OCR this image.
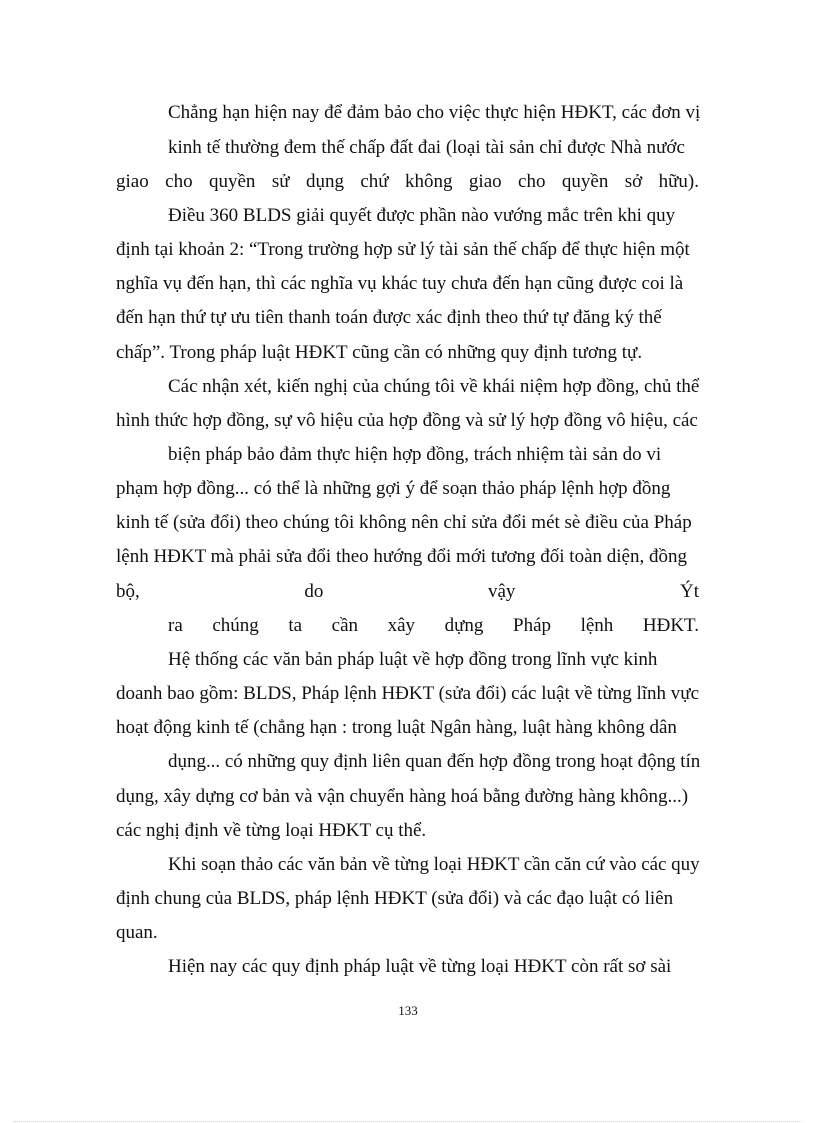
Chẳng hạn hiện nay để đảm bảo cho việc thực hiện HĐKT, các đơn vị
kinh tế thường đem thế chấp đất đai (loại tài sản chỉ được Nhà nước
giao cho quyền sử dụng chứ không giao cho quyền sở hữu).
Điều 360 BLDS giải quyết được phần nào vướng mắc trên khi quy
định tại khoản 2: “Trong trường hợp sử lý tài sản thế chấp để thực hiện một
nghĩa vụ đến hạn, thì các nghĩa vụ khác tuy chưa đến hạn cũng được coi là
đến hạn thứ tự ưu tiên thanh toán được xác định theo thứ tự đăng ký thế
chấp”. Trong pháp luật HĐKT cũng cần có những quy định tương tự.
Các nhận xét, kiến nghị của chúng tôi về khái niệm hợp đồng, chủ thể
hình thức hợp đồng, sự vô hiệu của hợp đồng và sử lý hợp đồng vô hiệu, các
biện pháp bảo đảm thực hiện hợp đồng, trách nhiệm tài sản do vi
phạm hợp đồng... có thể là những gợi ý để soạn thảo pháp lệnh hợp đồng
kinh tế (sửa đổi) theo chúng tôi không nên chỉ sửa đổi mét sè điều của Pháp
lệnh HĐKT mà phải sửa đổi theo hướng đổi mới tương đối toàn diện, đồng
bộ, do vậy Ýt
ra chúng ta cần xây dựng Pháp lệnh HĐKT.
Hệ thống các văn bản pháp luật về hợp đồng trong lĩnh vực kinh
doanh bao gồm: BLDS, Pháp lệnh HĐKT (sửa đổi) các luật về từng lĩnh vực
hoạt động kinh tế (chẳng hạn : trong luật Ngân hàng, luật hàng không dân
dụng... có những quy định liên quan đến hợp đồng trong hoạt động tín
dụng, xây dựng cơ bản và vận chuyển hàng hoá bằng đường hàng không...)
các nghị định về từng loại HĐKT cụ thể.
Khi soạn thảo các văn bản về từng loại HĐKT cần căn cứ vào các quy
định chung của BLDS, pháp lệnh HĐKT (sửa đổi) và các đạo luật có liên
quan.
Hiện nay các quy định pháp luật về từng loại HĐKT còn rất sơ sài
133
